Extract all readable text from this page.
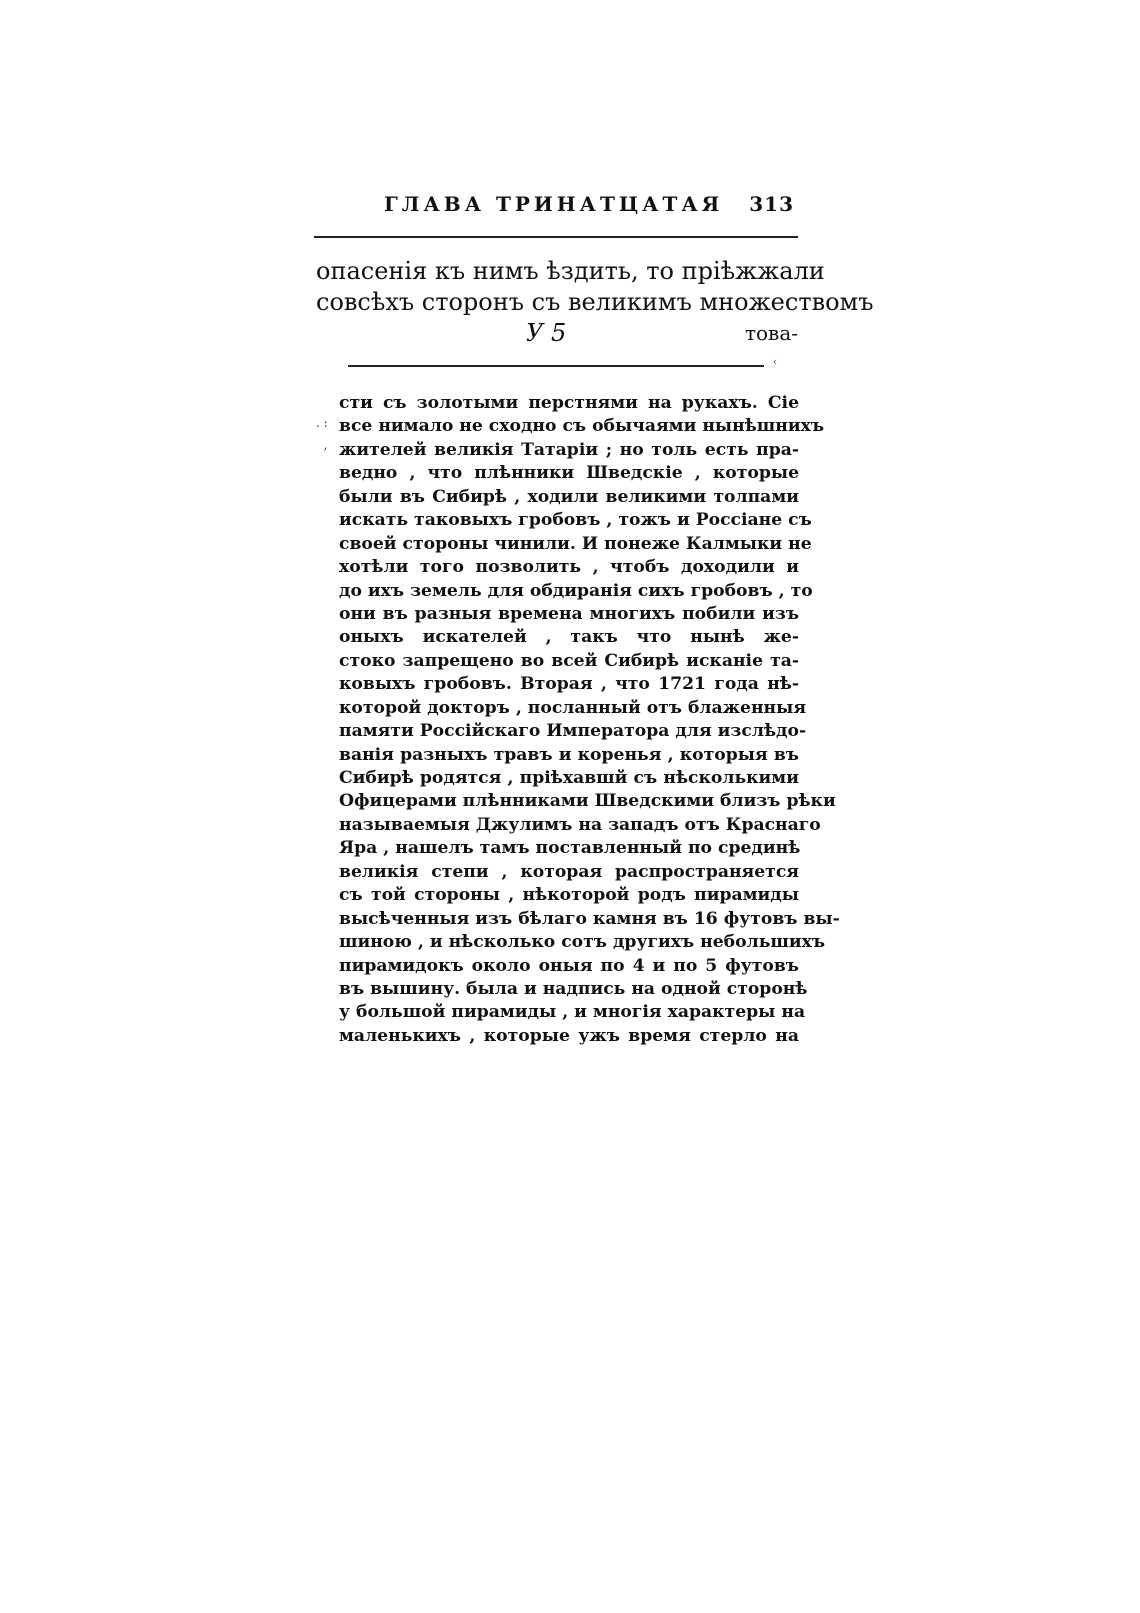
ГЛАВА ТРИНАТЦАТАЯ 313
опасенія къ нимъ ѣздить, то пріѣжжали
совсѣхъ сторонъ съ великимъ множествомъ
У 5	това-
‹
. :
,
сти съ золотыми перстнями на рукахъ. Сіе
все нимало не сходно съ обычаями нынѣшнихъ
жителей великія Татаріи ; но толь есть пра-
ведно , что плѣнники Шведскіе , которые
были въ Сибирѣ , ходили великими толпами
искать таковыхъ гробовъ , тожъ и Россіане съ
своей стороны чинили. И понеже Калмыки не
хотѣли того позволить , чтобъ доходили и
до ихъ земель для обдиранія сихъ гробовъ , то
они въ разныя времена многихъ побили изъ
оныхъ искателей , такъ что нынѣ же-
стоко запрещено во всей Сибирѣ исканіе та-
ковыхъ гробовъ. Вторая , что 1721 года нѣ-
которой докторъ , посланный отъ блаженныя
памяти Россійскаго Императора для изслѣдо-
ванія разныхъ травъ и коренья , которыя въ
Сибирѣ родятся , пріѣхавшй съ нѣсколькими
Офицерами плѣнниками Шведскими близъ рѣки
называемыя Джулимъ на западъ отъ Краснаго
Яра , нашелъ тамъ поставленный по срединѣ
великія степи , которая распространяется
съ той стороны , нѣкоторой родъ пирамиды
высѣченныя изъ бѣлаго камня въ 16 футовъ вы-
шиною , и нѣсколько сотъ другихъ небольшихъ
пирамидокъ около оныя по 4 и по 5 футовъ
въ вышину. была и надпись на одной сторонѣ
у большой пирамиды , и многія характеры на
маленькихъ , которые ужъ время стерло на
